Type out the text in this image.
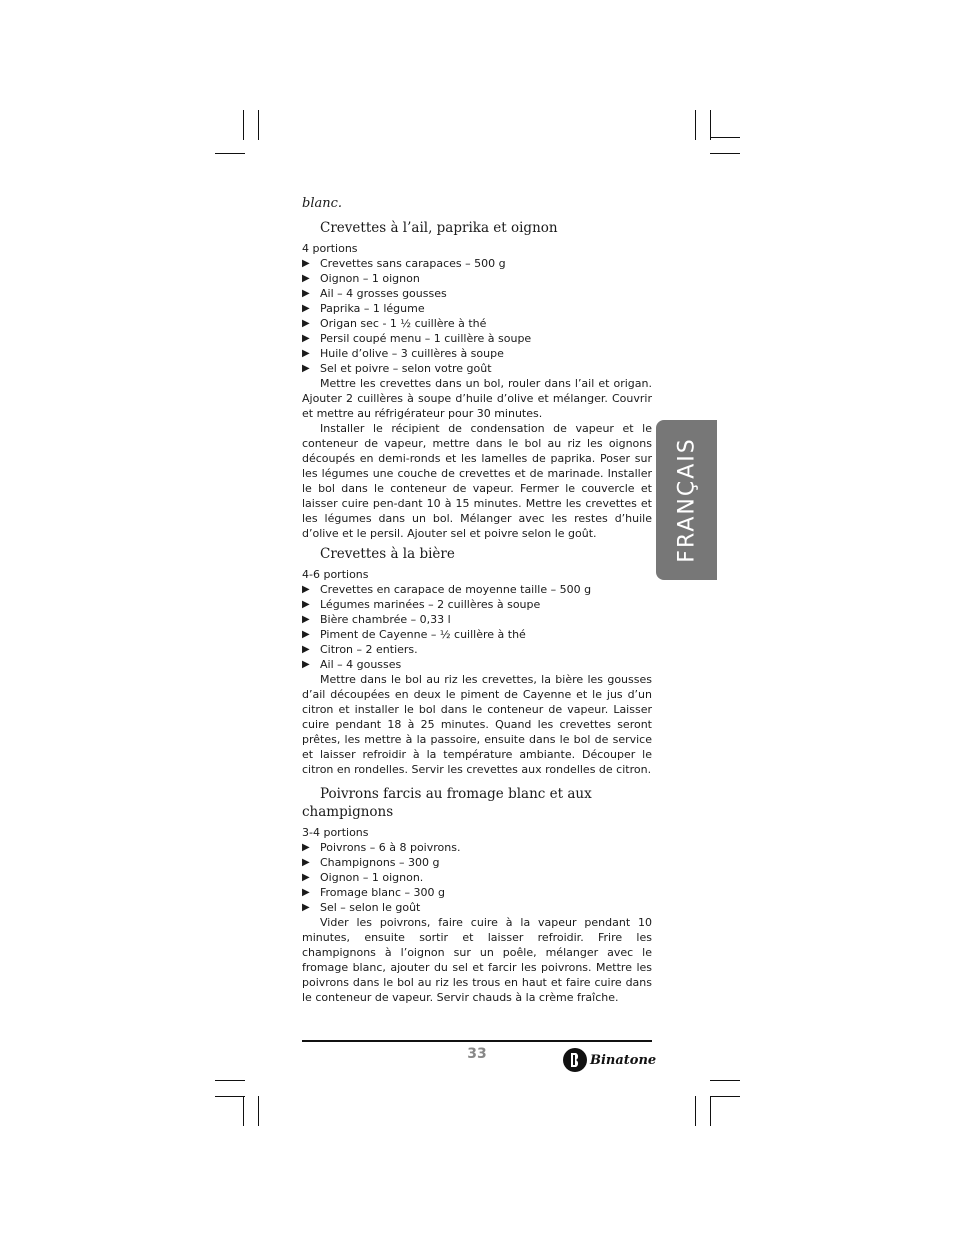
blanc.

Crevettes à l’ail, paprika et oignon

4 portions

▶ Crevettes sans carapaces – 500 g
▶ Oignon – 1 oignon
▶ Ail – 4 grosses gousses
▶ Paprika – 1 légume
▶ Origan sec - 1 ½ cuillère à thé
▶ Persil coupé menu – 1 cuillère à soupe
▶ Huile d’olive – 3 cuillères à soupe
▶ Sel et poivre – selon votre goût

Mettre les crevettes dans un bol, rouler dans l’ail et origan. Ajouter 2 cuillères à soupe d’huile d’olive et mélanger. Couvrir et mettre au réfrigérateur pour 30 minutes.

Installer le récipient de condensation de vapeur et le conteneur de vapeur, mettre dans le bol au riz les oignons découpés en demi-ronds et les lamelles de paprika. Poser sur les légumes une couche de crevettes et de marinade. Installer le bol dans le conteneur de vapeur. Fermer le couvercle et laisser cuire pen-dant 10 à 15 minutes. Mettre les crevettes et les légumes dans un bol. Mélanger avec les restes d’huile d’olive et le persil. Ajouter sel et poivre selon le goût.

Crevettes à la bière

4-6 portions

▶ Crevettes en carapace de moyenne taille – 500 g
▶ Légumes marinées – 2 cuillères à soupe
▶ Bière chambrée – 0,33 l
▶ Piment de Cayenne – ½ cuillère à thé
▶ Citron – 2 entiers.
▶ Ail – 4 gousses

Mettre dans le bol au riz les crevettes, la bière les gousses d’ail découpées en deux le piment de Cayenne et le jus d’un citron et installer le bol dans le conteneur de vapeur. Laisser cuire pendant 18 à 25 minutes. Quand les crevettes seront prêtes, les mettre à la passoire, ensuite dans le bol de service et laisser refroidir à la température ambiante. Découper le citron en rondelles. Servir les crevettes aux rondelles de citron.

Poivrons farcis au fromage blanc et aux
champignons

3-4 portions

▶ Poivrons – 6 à 8 poivrons.
▶ Champignons – 300 g
▶ Oignon – 1 oignon.
▶ Fromage blanc – 300 g
▶ Sel – selon le goût

Vider les poivrons, faire cuire à la vapeur pendant 10 minutes, ensuite sortir et laisser refroidir. Frire les champignons à l’oignon sur un poêle, mélanger avec le fromage blanc, ajouter du sel et farcir les poivrons. Mettre les poivrons dans le bol au riz les trous en haut et faire cuire dans le conteneur de vapeur. Servir chauds à la crème fraîche.

FRANÇAIS
33	Binatone
